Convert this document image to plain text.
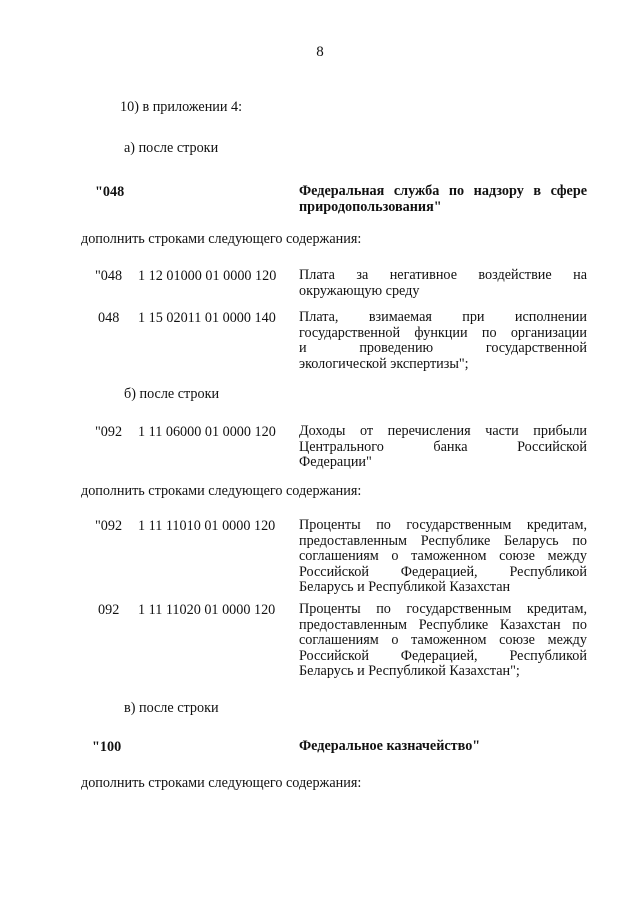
8
10) в приложении 4:
а) после строки
"048	Федеральная служба по надзору в сфере
природопользования"
дополнить строками следующего содержания:
"048 1 12 01000 01 0000 120 Плата за негативное воздействие на
окружающую среду
048 1 15 02011 01 0000 140 Плата, взимаемая при исполнении
государственной функции по организации
и проведению государственной
экологической экспертизы";
б) после строки
"092 1 11 06000 01 0000 120 Доходы от перечисления части прибыли
Центрального банка Российской
Федерации"
дополнить строками следующего содержания:
"092 1 11 11010 01 0000 120 Проценты по государственным кредитам,
предоставленным Республике Беларусь по
соглашениям о таможенном союзе между
Российской Федерацией, Республикой
Беларусь и Республикой Казахстан
092 1 11 11020 01 0000 120 Проценты по государственным кредитам,
предоставленным Республике Казахстан по
соглашениям о таможенном союзе между
Российской Федерацией, Республикой
Беларусь и Республикой Казахстан";
в) после строки
"100	Федеральное казначейство"
дополнить строками следующего содержания:
